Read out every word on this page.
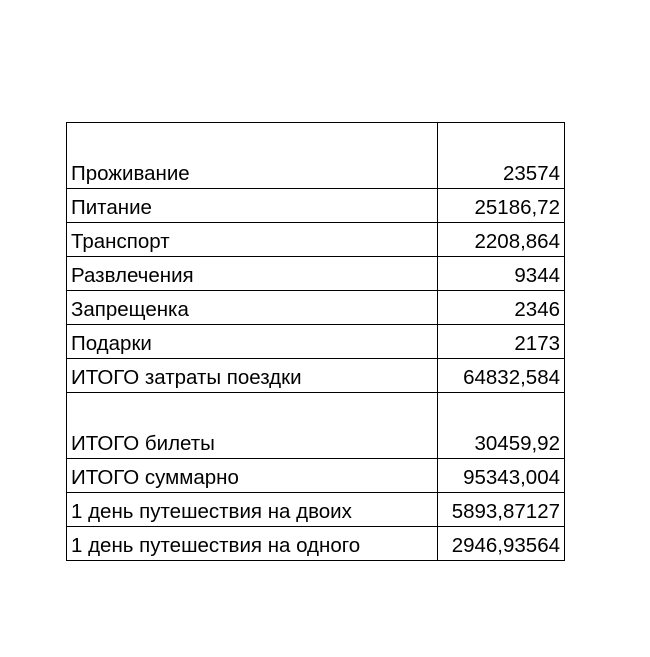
Проживание	23574
Питание	25186,72
Транспорт	2208,864
Развлечения	9344
Запрещенка	2346
Подарки	2173
ИТОГО затраты поездки	64832,584
ИТОГО билеты	30459,92
ИТОГО суммарно	95343,004
1 день путешествия на двоих	5893,87127
1 день путешествия на одного	2946,93564
